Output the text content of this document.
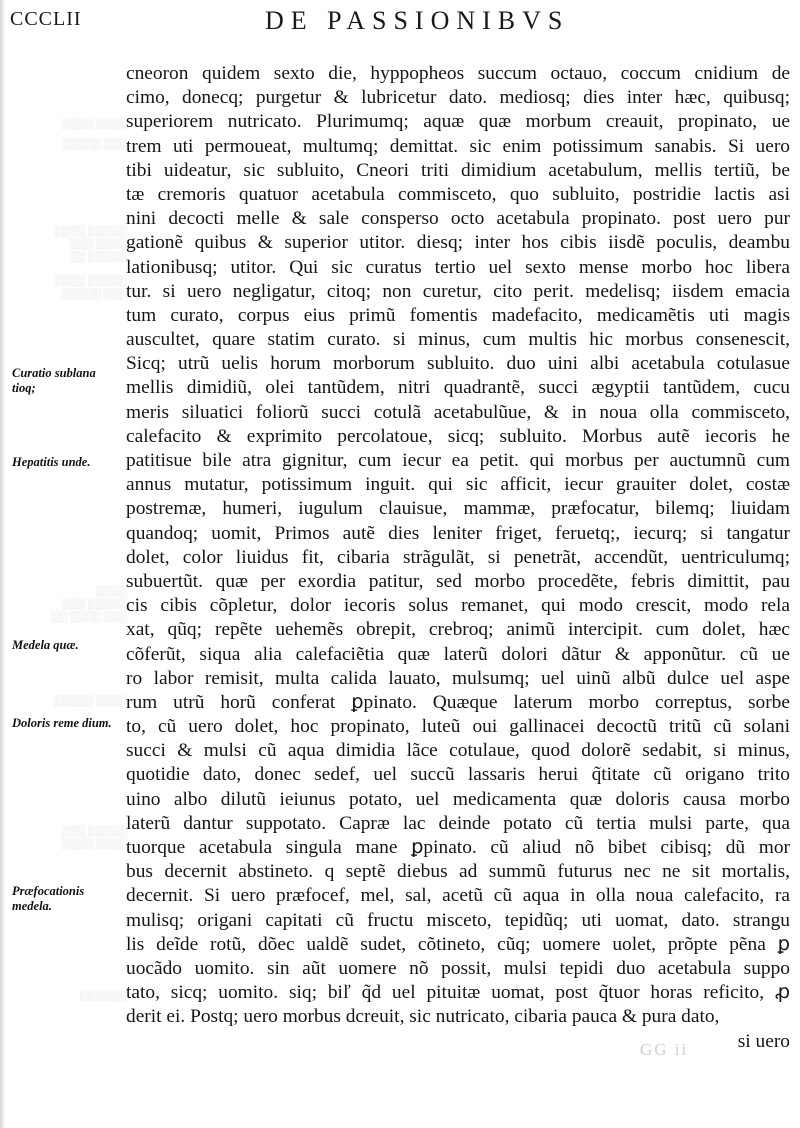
CCCLII	DE PASSIONIBVS
░░░░ ░░░░
░░░ ░░░░░
░░░░░ ░░░░
░░░░ ░░░
░░░░░ ░░
░░░░░ ░░░░
░░░ ░░░░░
░░░░
░░░░░ ░░░
░░░ ░░░░ ░░
░░░░ ░░░░░
░░░░░ ░░░
░░░░ ░░░░
░░░░░░
Curatio sublana tioq;
Hepatitis unde.
Medela quæ.
Doloris reme dium.
Præfocationis medela.
cneoron quidem sexto die, hyppopheos succum octauo, coccum cnidium de
cimo, donecq; purgetur & lubricetur dato. mediosq; dies inter hæc, quibusq;
superiorem nutricato. Plurimumq; aquæ quæ morbum creauit, propinato, ue
trem uti permoueat, multumq; demittat. sic enim potissimum sanabis. Si uero
tibi uideatur, sic subluito, Cneori triti dimidium acetabulum, mellis tertiũ, be
tæ cremoris quatuor acetabula commisceto, quo subluito, postridie lactis asi
nini decocti melle & sale consperso octo acetabula propinato. post uero pur
gationẽ quibus & superior utitor. diesq; inter hos cibis iisdẽ poculis, deambu
lationibusq; utitor. Qui sic curatus tertio uel sexto mense morbo hoc libera
tur. si uero negligatur, citoq; non curetur, cito perit. medelisq; iisdem emacia
tum curato, corpus eius primũ fomentis madefacito, medicamẽtis uti magis
auscultet, quare statim curato. si minus, cum multis hic morbus consenescit,
Sicq; utrũ uelis horum morborum subluito. duo uini albi acetabula cotulasue
mellis dimidiũ, olei tantũdem, nitri quadrantẽ, succi ægyptii tantũdem, cucu
meris siluatici foliorũ succi cotulã acetabulũue, & in noua olla commisceto,
calefacito & exprimito percolatoue, sicq; subluito. Morbus autẽ iecoris he
patitisue bile atra gignitur, cum iecur ea petit. qui morbus per auctumnũ cum
annus mutatur, potissimum inguit. qui sic afficit, iecur grauiter dolet, costæ
postremæ, humeri, iugulum clauisue, mammæ, præfocatur, bilemq; liuidam
quandoq; uomit, Primos autẽ dies leniter friget, feruetq;, iecurq; si tangatur
dolet, color liuidus fit, cibaria strãgulãt, si penetrãt, accendũt, uentriculumq;
subuertũt. quæ per exordia patitur, sed morbo procedẽte, febris dimittit, pau
cis cibis cõpletur, dolor iecoris solus remanet, qui modo crescit, modo rela
xat, qũq; repẽte uehemẽs obrepit, crebroq; animũ intercipit. cum dolet, hæc
cõferũt, siqua alia calefaciẽtia quæ laterũ dolori dãtur & apponũtur. cũ ue
ro labor remisit, multa calida lauato, mulsumq; uel uinũ albũ dulce uel aspe
rum utrũ horũ conferat ꝑpinato. Quæque laterum morbo correptus, sorbe
to, cũ uero dolet, hoc propinato, luteũ oui gallinacei decoctũ tritũ cũ solani
succi & mulsi cũ aqua dimidia lãce cotulaue, quod dolorẽ sedabit, si minus,
quotidie dato, donec sedef, uel succũ lassaris herui q̃titate cũ origano trito
uino albo dilutũ ieiunus potato, uel medicamenta quæ doloris causa morbo
laterũ dantur suppotato. Capræ lac deinde potato cũ tertia mulsi parte, qua
tuorque acetabula singula mane ꝑpinato. cũ aliud nõ bibet cibisq; dũ mor
bus decernit abstineto. q septẽ diebus ad summũ futurus nec ne sit mortalis,
decernit. Si uero præfocef, mel, sal, acetũ cũ aqua in olla noua calefacito, ra
mulisq; origani capitati cũ fructu misceto, tepidũq; uti uomat, dato. strangu
lis deĩde rotũ, dõec ualdẽ sudet, cõtineto, cũq; uomere uolet, prõpte pẽna ꝑ
uocãdo uomito. sin aũt uomere nõ possit, mulsi tepidi duo acetabula suppo
tato, sicq; uomito. siq; biľ q̃d uel pituitæ uomat, post q̃tuor horas reficito, ꝓ
derit ei. Postq; uero morbus dcreuit, sic nutricato, cibaria pauca & pura dato,
si uero
GG ii
